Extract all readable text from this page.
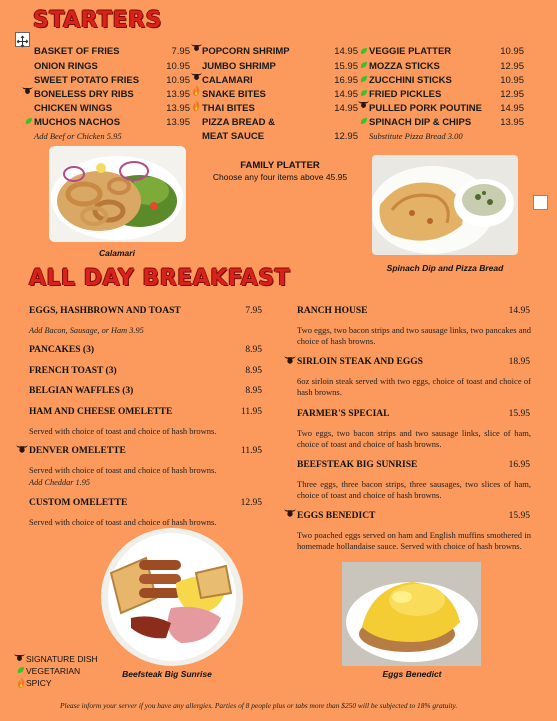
STARTERS
BASKET OF FRIES	7.95
ONION RINGS	10.95
SWEET POTATO FRIES	10.95
BONELESS DRY RIBS	13.95
CHICKEN WINGS	13.95
MUCHOS NACHOS	13.95
Add Beef or Chicken 5.95
POPCORN SHRIMP	14.95
JUMBO SHRIMP	15.95
CALAMARI	16.95
SNAKE BITES	14.95
THAI BITES	14.95
PIZZA BREAD &
MEAT SAUCE	12.95
VEGGIE PLATTER	10.95
MOZZA STICKS	12.95
ZUCCHINI STICKS	10.95
FRIED PICKLES	12.95
PULLED PORK POUTINE	14.95
SPINACH DIP & CHIPS	13.95
Substitute Pizza Bread 3.00
Calamari
FAMILY PLATTER
Choose any four items above 45.95
Spinach Dip and Pizza Bread
ALL DAY BREAKFAST
EGGS, HASHBROWN AND TOAST	7.95
Add Bacon, Sausage, or Ham 3.95
PANCAKES (3)	8.95
FRENCH TOAST (3)	8.95
BELGIAN WAFFLES (3)	8.95
HAM AND CHEESE OMELETTE	11.95
Served with choice of toast and choice of hash browns.
DENVER OMELETTE	11.95
Served with choice of toast and choice of hash browns.
Add Cheddar 1.95
CUSTOM OMELETTE	12.95
Served with choice of toast and choice of hash browns.
RANCH HOUSE	14.95
Two eggs, two bacon strips and two sausage links, two pancakes and choice of hash browns.
SIRLOIN STEAK AND EGGS	18.95
6oz sirloin steak served with two eggs, choice of toast and choice of hash browns.
FARMER'S SPECIAL	15.95
Two eggs, two bacon strips and two sausage links, slice of ham, choice of toast and choice of hash browns.
BEEFSTEAK BIG SUNRISE	16.95
Three eggs, three bacon strips, three sausages, two slices of ham, choice of toast and choice of hash browns.
EGGS BENEDICT	15.95
Two poached eggs served on ham and English muffins smothered in homemade hollandaise sauce. Served with choice of hash browns.
Beefsteak Big Sunrise	Eggs Benedict
SIGNATURE DISH
VEGETARIAN
SPICY
Please inform your server if you have any allergies. Parties of 8 people plus or tabs more than $250 will be subjected to 18% gratuity.
